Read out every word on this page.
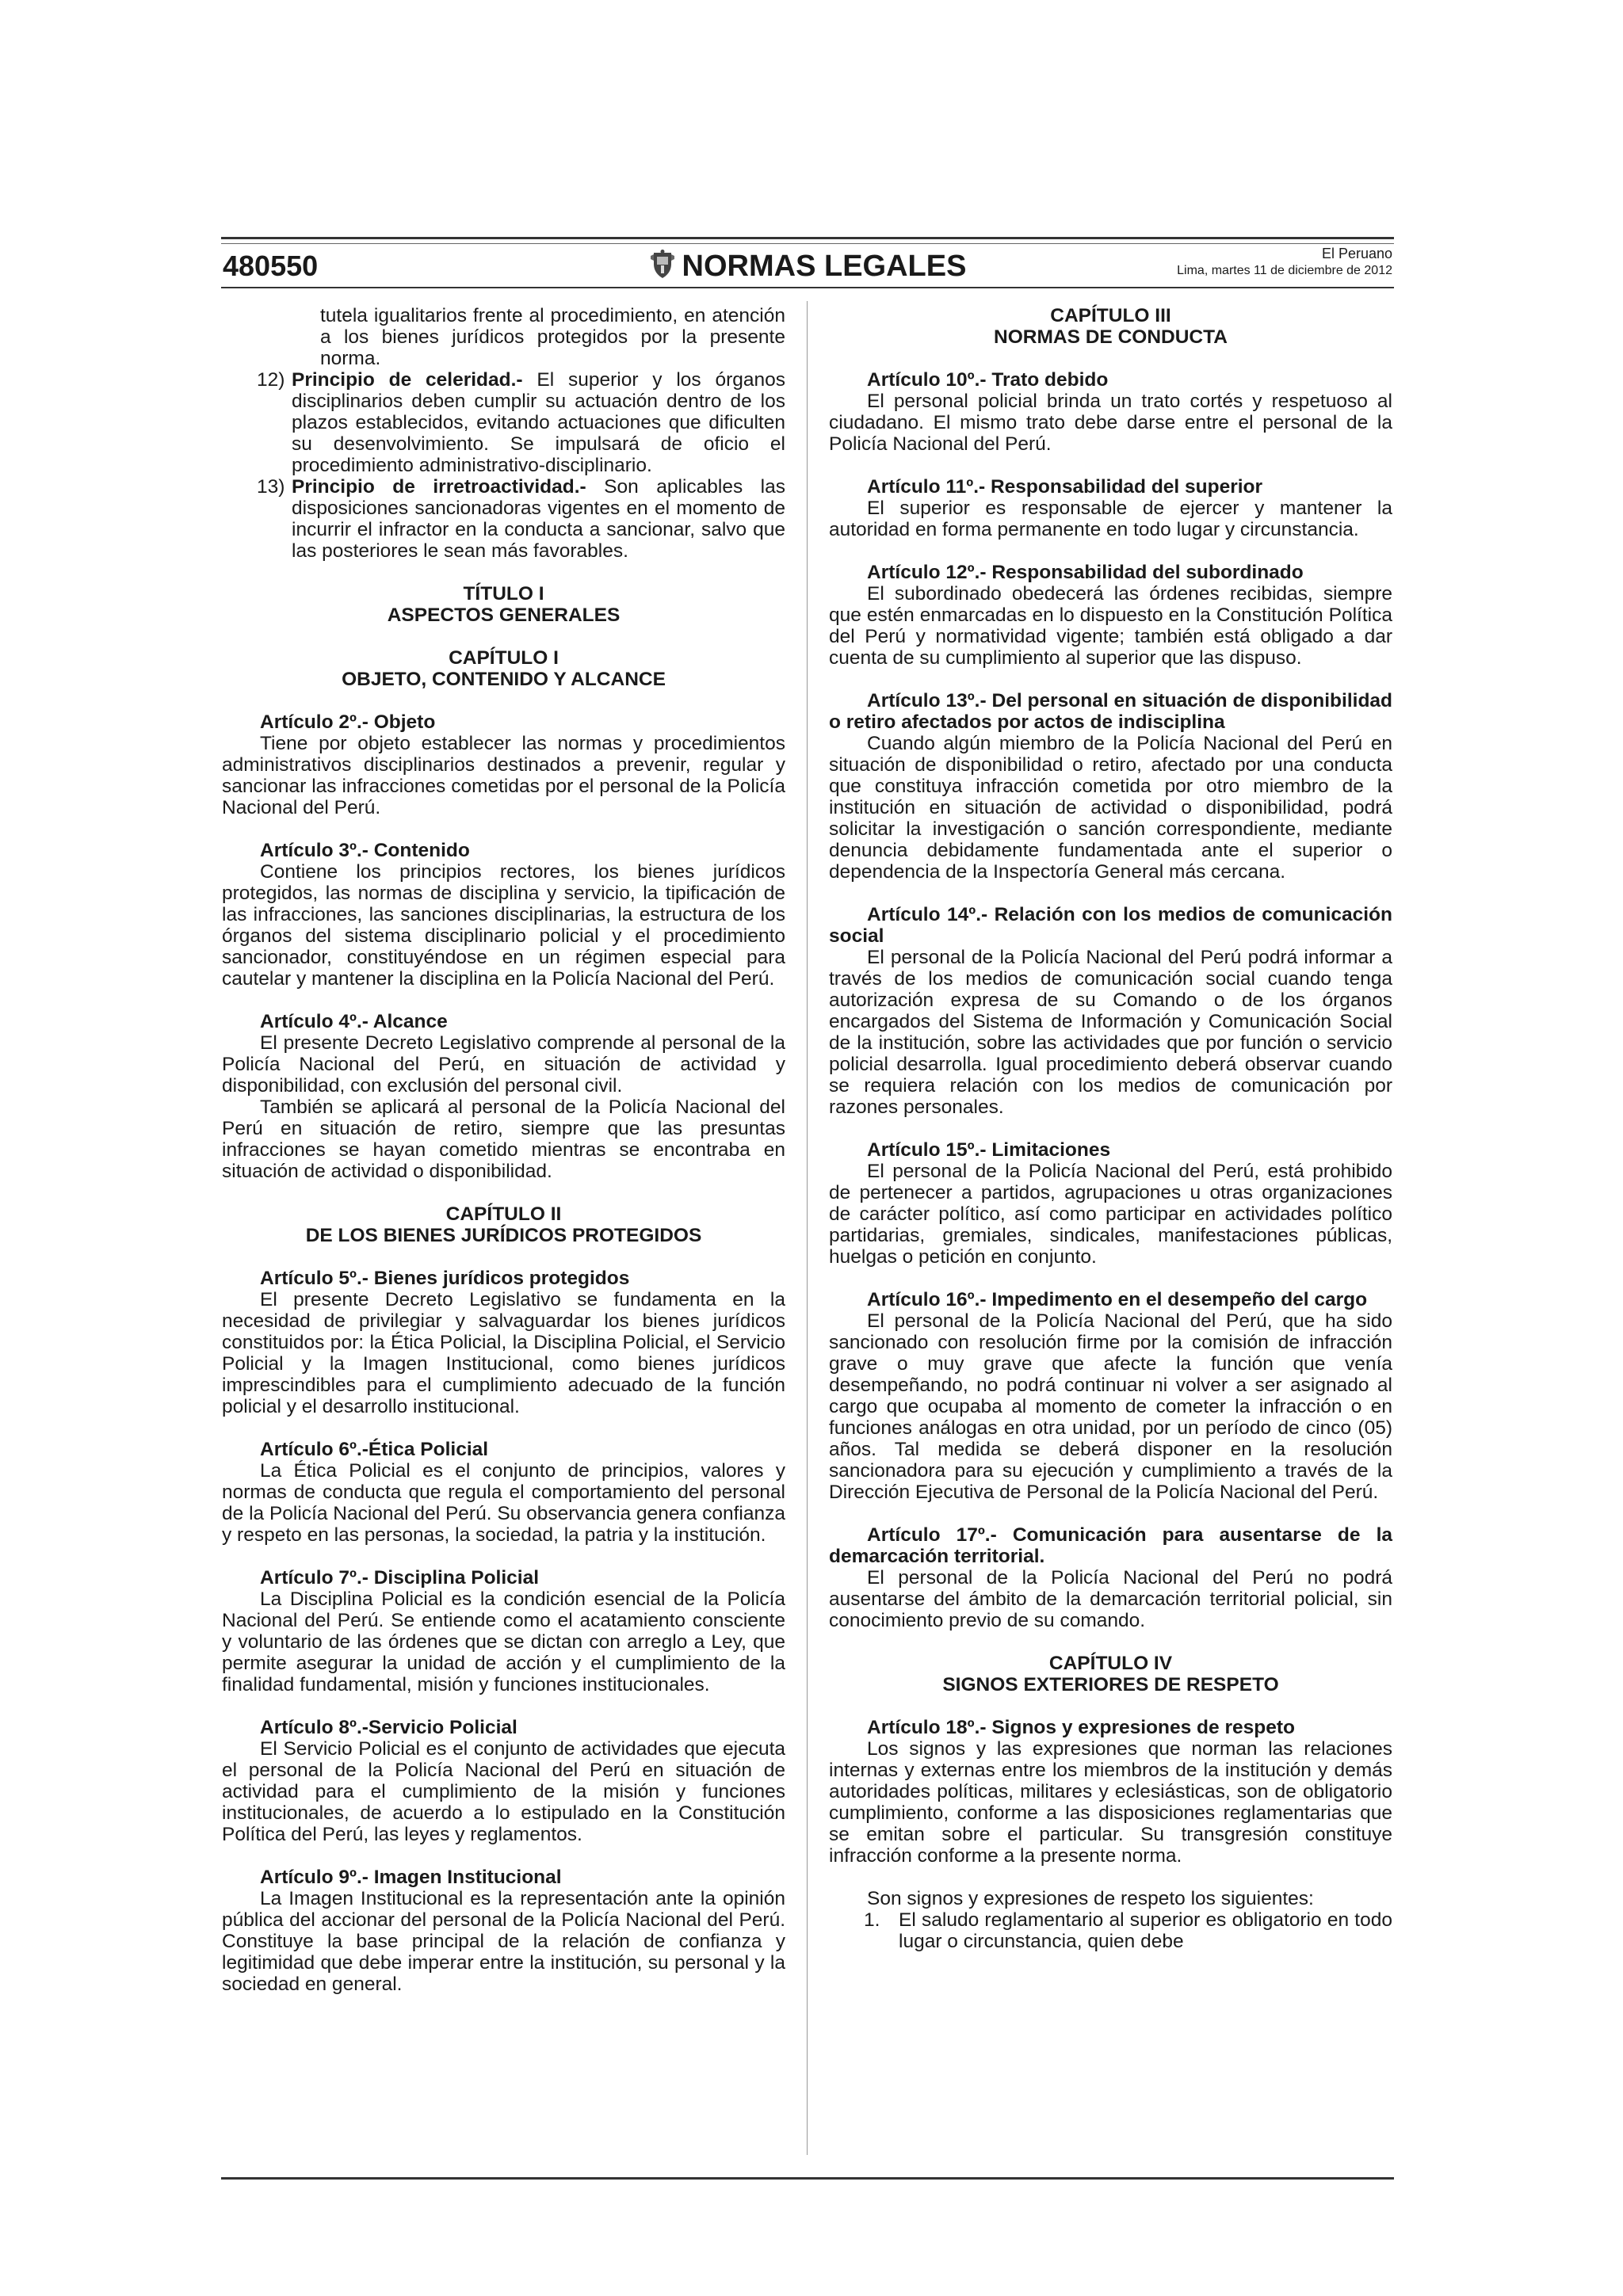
480550	NORMAS LEGALES	El Peruano
Lima, martes 11 de diciembre de 2012
tutela igualitarios frente al procedimiento, en atención a los bienes jurídicos protegidos por la presente norma.
12) Principio de celeridad.- El superior y los órganos disciplinarios deben cumplir su actuación dentro de los plazos establecidos, evitando actuaciones que dificulten su desenvolvimiento. Se impulsará de oficio el procedimiento administrativo-disciplinario.
13) Principio de irretroactividad.- Son aplicables las disposiciones sancionadoras vigentes en el momento de incurrir el infractor en la conducta a sancionar, salvo que las posteriores le sean más favorables.
TÍTULO I
ASPECTOS GENERALES
CAPÍTULO I
OBJETO, CONTENIDO Y ALCANCE

Artículo 2º.- Objeto

Tiene por objeto establecer las normas y procedimientos administrativos disciplinarios destinados a prevenir, regular y sancionar las infracciones cometidas por el personal de la Policía Nacional del Perú.

Artículo 3º.- Contenido

Contiene los principios rectores, los bienes jurídicos protegidos, las normas de disciplina y servicio, la tipificación de las infracciones, las sanciones disciplinarias, la estructura de los órganos del sistema disciplinario policial y el procedimiento sancionador, constituyéndose en un régimen especial para cautelar y mantener la disciplina en la Policía Nacional del Perú.

Artículo 4º.- Alcance

El presente Decreto Legislativo comprende al personal de la Policía Nacional del Perú, en situación de actividad y disponibilidad, con exclusión del personal civil.

También se aplicará al personal de la Policía Nacional del Perú en situación de retiro, siempre que las presuntas infracciones se hayan cometido mientras se encontraba en situación de actividad o disponibilidad.

CAPÍTULO II
DE LOS BIENES JURÍDICOS PROTEGIDOS

Artículo 5º.- Bienes jurídicos protegidos

El presente Decreto Legislativo se fundamenta en la necesidad de privilegiar y salvaguardar los bienes jurídicos constituidos por: la Ética Policial, la Disciplina Policial, el Servicio Policial y la Imagen Institucional, como bienes jurídicos imprescindibles para el cumplimiento adecuado de la función policial y el desarrollo institucional.

Artículo 6º.-Ética Policial

La Ética Policial es el conjunto de principios, valores y normas de conducta que regula el comportamiento del personal de la Policía Nacional del Perú. Su observancia genera confianza y respeto en las personas, la sociedad, la patria y la institución.

Artículo 7º.- Disciplina Policial

La Disciplina Policial es la condición esencial de la Policía Nacional del Perú. Se entiende como el acatamiento consciente y voluntario de las órdenes que se dictan con arreglo a Ley, que permite asegurar la unidad de acción y el cumplimiento de la finalidad fundamental, misión y funciones institucionales.

Artículo 8º.-Servicio Policial

El Servicio Policial es el conjunto de actividades que ejecuta el personal de la Policía Nacional del Perú en situación de actividad para el cumplimiento de la misión y funciones institucionales, de acuerdo a lo estipulado en la Constitución Política del Perú, las leyes y reglamentos.

Artículo 9º.- Imagen Institucional

La Imagen Institucional es la representación ante la opinión pública del accionar del personal de la Policía Nacional del Perú. Constituye la base principal de la relación de confianza y legitimidad que debe imperar entre la institución, su personal y la sociedad en general.

CAPÍTULO III
NORMAS DE CONDUCTA

Artículo 10º.- Trato debido

El personal policial brinda un trato cortés y respetuoso al ciudadano. El mismo trato debe darse entre el personal de la Policía Nacional del Perú.

Artículo 11º.- Responsabilidad del superior

El superior es responsable de ejercer y mantener la autoridad en forma permanente en todo lugar y circunstancia.

Artículo 12º.- Responsabilidad del subordinado

El subordinado obedecerá las órdenes recibidas, siempre que estén enmarcadas en lo dispuesto en la Constitución Política del Perú y normatividad vigente; también está obligado a dar cuenta de su cumplimiento al superior que las dispuso.

Artículo 13º.- Del personal en situación de disponibilidad o retiro afectados por actos de indisciplina

Cuando algún miembro de la Policía Nacional del Perú en situación de disponibilidad o retiro, afectado por una conducta que constituya infracción cometida por otro miembro de la institución en situación de actividad o disponibilidad, podrá solicitar la investigación o sanción correspondiente, mediante denuncia debidamente fundamentada ante el superior o dependencia de la Inspectoría General más cercana.

Artículo 14º.- Relación con los medios de comunicación social

El personal de la Policía Nacional del Perú podrá informar a través de los medios de comunicación social cuando tenga autorización expresa de su Comando o de los órganos encargados del Sistema de Información y Comunicación Social de la institución, sobre las actividades que por función o servicio policial desarrolla. Igual procedimiento deberá observar cuando se requiera relación con los medios de comunicación por razones personales.

Artículo 15º.- Limitaciones

El personal de la Policía Nacional del Perú, está prohibido de pertenecer a partidos, agrupaciones u otras organizaciones de carácter político, así como participar en actividades político partidarias, gremiales, sindicales, manifestaciones públicas, huelgas o petición en conjunto.

Artículo 16º.- Impedimento en el desempeño del cargo

El personal de la Policía Nacional del Perú, que ha sido sancionado con resolución firme por la comisión de infracción grave o muy grave que afecte la función que venía desempeñando, no podrá continuar ni volver a ser asignado al cargo que ocupaba al momento de cometer la infracción o en funciones análogas en otra unidad, por un período de cinco (05) años. Tal medida se deberá disponer en la resolución sancionadora para su ejecución y cumplimiento a través de la Dirección Ejecutiva de Personal de la Policía Nacional del Perú.

Artículo 17º.- Comunicación para ausentarse de la demarcación territorial.

El personal de la Policía Nacional del Perú no podrá ausentarse del ámbito de la demarcación territorial policial, sin conocimiento previo de su comando.

CAPÍTULO IV
SIGNOS EXTERIORES DE RESPETO

Artículo 18º.- Signos y expresiones de respeto

Los signos y las expresiones que norman las relaciones internas y externas entre los miembros de la institución y demás autoridades políticas, militares y eclesiásticas, son de obligatorio cumplimiento, conforme a las disposiciones reglamentarias que se emitan sobre el particular. Su transgresión constituye infracción conforme a la presente norma.

Son signos y expresiones de respeto los siguientes:

1. El saludo reglamentario al superior es obligatorio en todo lugar o circunstancia, quien debe
